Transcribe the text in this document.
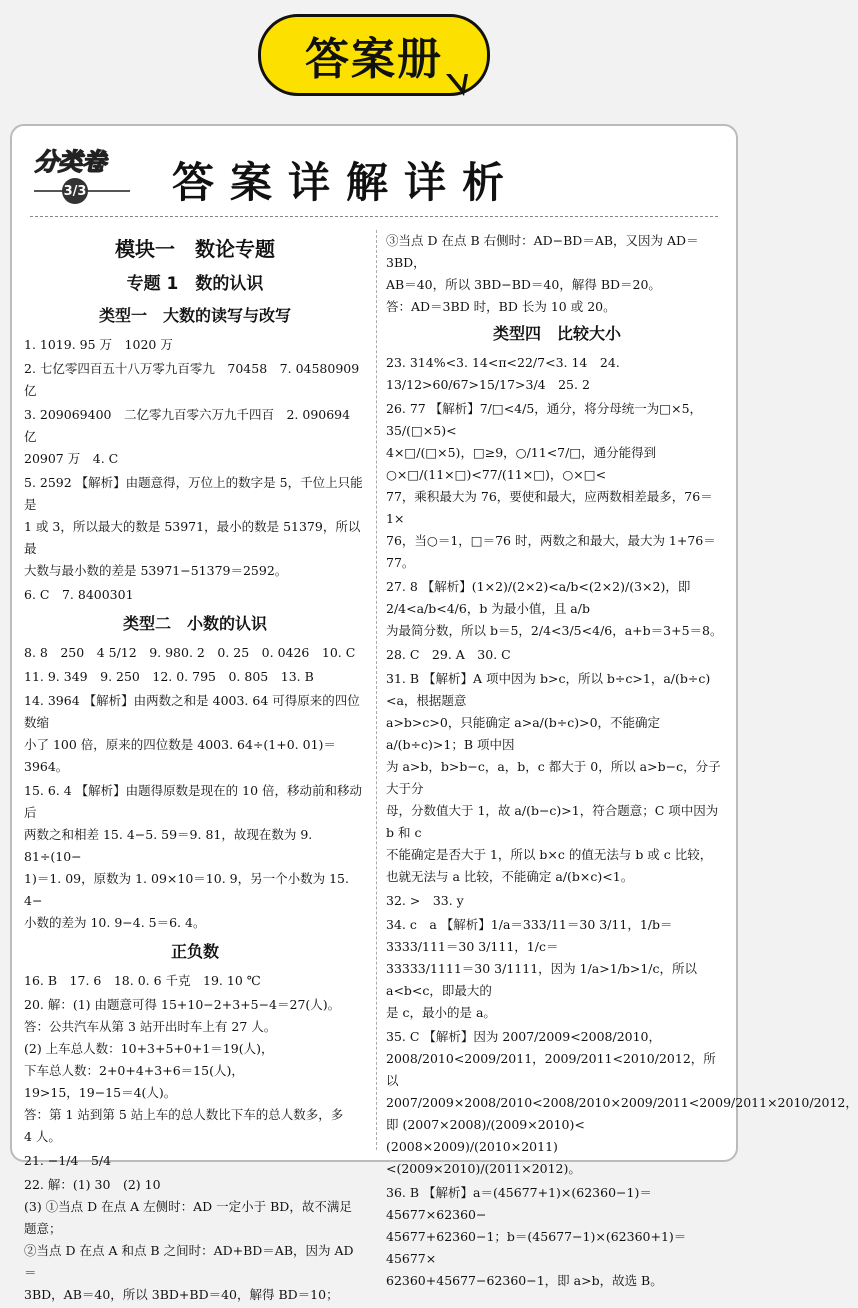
答案册
分类卷
3/3 答案详解详析
模块一　数论专题
专题 1　数的认识
类型一　大数的读写与改写

1. 1019. 95 万　1020 万

2. 七亿零四百五十八万零九百零九　70458　7. 04580909 亿

3. 209069400　二亿零九百零六万九千四百　2. 090694 亿

20907 万　4. C

5. 2592 【解析】由题意得，万位上的数字是 5，千位上只能是

1 或 3，所以最大的数是 53971，最小的数是 51379，所以最

大数与最小数的差是 53971−51379＝2592。

6. C　7. 8400301

类型二　小数的认识

8. 8　250　4 5/12　9. 980. 2　0. 25　0. 0426　10. C

11. 9. 349　9. 250　12. 0. 795　0. 805　13. B

14. 3964 【解析】由两数之和是 4003. 64 可得原来的四位数缩

小了 100 倍，原来的四位数是 4003. 64÷(1+0. 01)＝3964。

15. 6. 4 【解析】由题得原数是现在的 10 倍，移动前和移动后

两数之和相差 15. 4−5. 59＝9. 81，故现在数为 9. 81÷(10−

1)＝1. 09，原数为 1. 09×10＝10. 9，另一个小数为 15. 4−

小数的差为 10. 9−4. 5＝6. 4。

正负数

16. B　17. 6　18. 0. 6 千克　19. 10 ℃

20. 解：(1) 由题意可得 15+10−2+3+5−4＝27(人)。

答：公共汽车从第 3 站开出时车上有 27 人。

(2) 上车总人数：10+3+5+0+1＝19(人)，

下车总人数：2+0+4+3+6＝15(人)，

19>15，19−15＝4(人)。

答：第 1 站到第 5 站上车的总人数比下车的总人数多，多

4 人。

21. −1/4　5/4

22. 解：(1) 30　(2) 10

(3) ①当点 D 在点 A 左侧时：AD 一定小于 BD，故不满足

题意；

②当点 D 在点 A 和点 B 之间时：AD+BD＝AB，因为 AD＝

3BD，AB＝40，所以 3BD+BD＝40，解得 BD＝10；

③当点 D 在点 B 右侧时：AD−BD＝AB，又因为 AD＝3BD，

AB＝40，所以 3BD−BD＝40，解得 BD＝20。

答：AD＝3BD 时，BD 长为 10 或 20。

类型四　比较大小

23. 314%<3. 14<π<22/7<3. 14　24. 13/12>60/67>15/17>3/4　25. 2

26. 77 【解析】7/□<4/5，通分，将分母统一为□×5，35/(□×5)<

4×□/(□×5)，□≥9，○/11<7/□，通分能得到○×□/(11×□)<77/(11×□)，○×□<

77，乘积最大为 76，要使和最大，应两数相差最多，76＝1×

76，当○＝1，□＝76 时，两数之和最大，最大为 1+76＝77。

27. 8 【解析】(1×2)/(2×2)<a/b<(2×2)/(3×2)，即 2/4<a/b<4/6，b 为最小值，且 a/b

为最简分数，所以 b＝5，2/4<3/5<4/6，a+b＝3+5＝8。

28. C　29. A　30. C

31. B 【解析】A 项中因为 b>c，所以 b÷c>1，a/(b÷c)<a，根据题意

a>b>c>0，只能确定 a>a/(b÷c)>0，不能确定 a/(b÷c)>1；B 项中因

为 a>b，b>b−c，a，b，c 都大于 0，所以 a>b−c，分子大于分

母，分数值大于 1，故 a/(b−c)>1，符合题意；C 项中因为 b 和 c

不能确定是否大于 1，所以 b×c 的值无法与 b 或 c 比较，

也就无法与 a 比较，不能确定 a/(b×c)<1。

32. >　33. y

34. c　a 【解析】1/a＝333/11＝30 3/11，1/b＝3333/111＝30 3/111，1/c＝

33333/1111＝30 3/1111，因为 1/a>1/b>1/c，所以 a<b<c，即最大的

是 c，最小的是 a。

35. C 【解析】因为 2007/2009<2008/2010，2008/2010<2009/2011，2009/2011<2010/2012，所以

2007/2009×2008/2010<2008/2010×2009/2011<2009/2011×2010/2012，即 (2007×2008)/(2009×2010)<

(2008×2009)/(2010×2011)<(2009×2010)/(2011×2012)。

36. B 【解析】a＝(45677+1)×(62360−1)＝45677×62360−

45677+62360−1；b＝(45677−1)×(62360+1)＝45677×

62360+45677−62360−1，即 a>b，故选 B。
